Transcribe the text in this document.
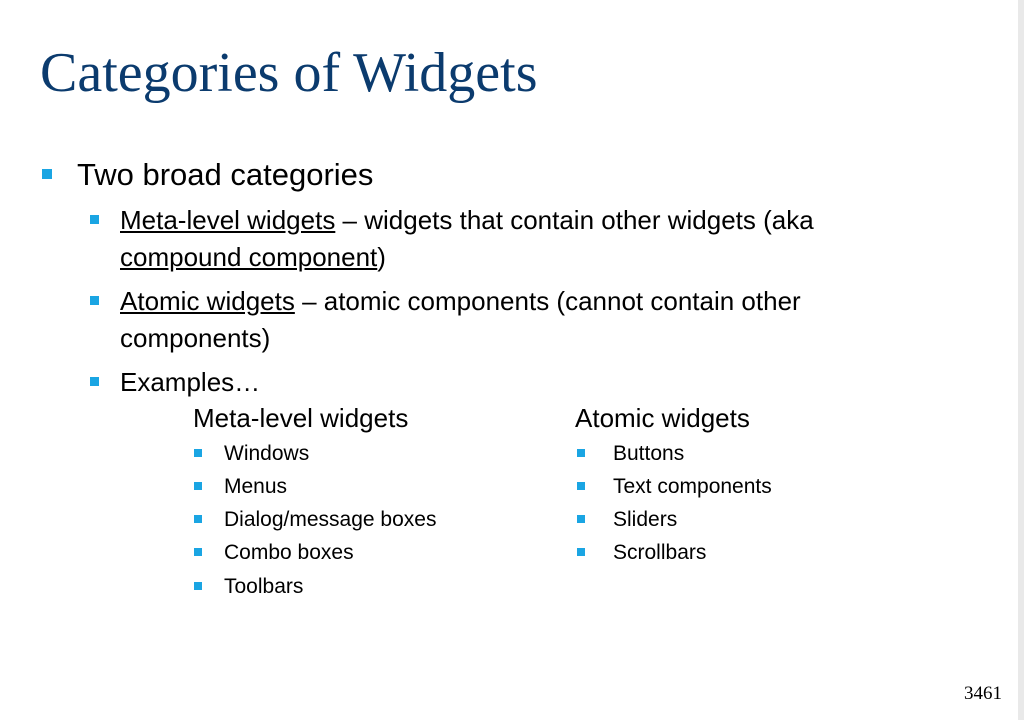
Categories of Widgets
Two broad categories
Meta-level widgets – widgets that contain other widgets (aka compound component)
Atomic widgets – atomic components (cannot contain other components)
Examples…
Meta-level widgets	Atomic widgets
Windows
Menus
Dialog/message boxes
Combo boxes
Toolbars
Buttons
Text components
Sliders
Scrollbars
3461
